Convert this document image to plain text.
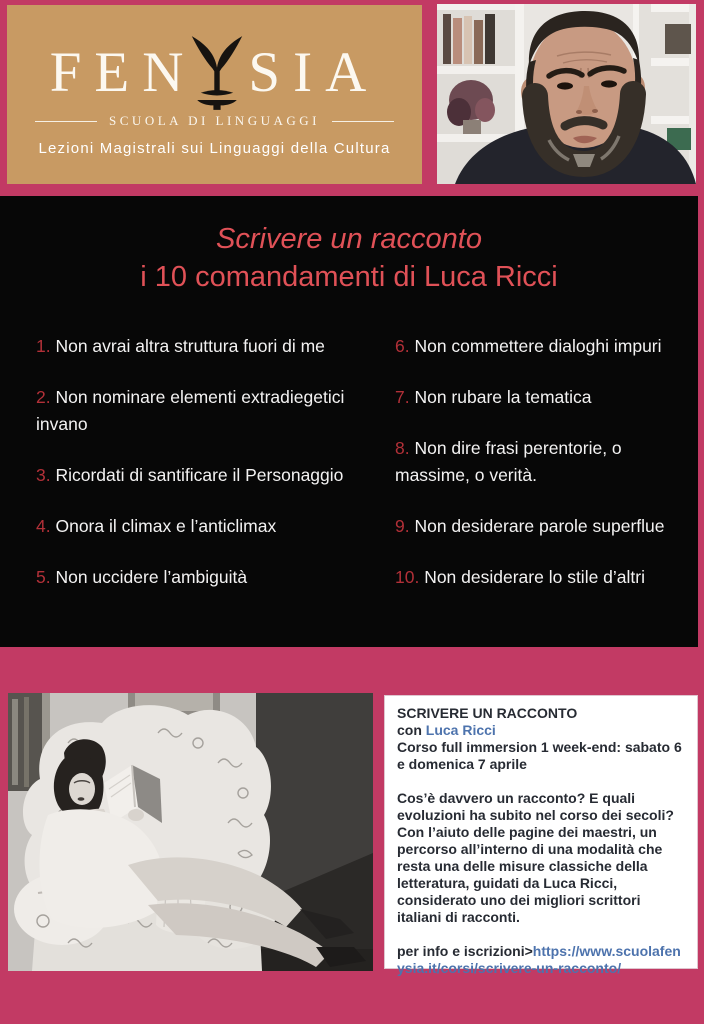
FEN SIA
SCUOLA DI LINGUAGGI
Lezioni Magistrali sui Linguaggi della Cultura
Scrivere un racconto
i 10 comandamenti di Luca Ricci
1. Non avrai altra struttura fuori di me
2. Non nominare elementi extradiegetici invano
3. Ricordati di santificare il Personaggio
4. Onora il climax e l’anticlimax
5. Non uccidere l’ambiguità
6. Non commettere dialoghi impuri
7. Non rubare la tematica
8. Non dire frasi perentorie, o massime, o verità.
9. Non desiderare parole superflue
10. Non desiderare lo stile d’altri
SCRIVERE UN RACCONTO
con Luca Ricci
Corso full immersion 1 week-end: sabato 6 e domenica 7 aprile
Cos’è davvero un racconto? E quali evoluzioni ha subito nel corso dei secoli? Con l’aiuto delle pagine dei maestri, un percorso all’interno di una modalità che resta una delle misure classiche della letteratura, guidati da Luca Ricci, considerato uno dei migliori scrittori italiani di racconti.
per info e iscrizioni>https://www.scuolafenysia.it/corsi/scrivere-un-racconto/
